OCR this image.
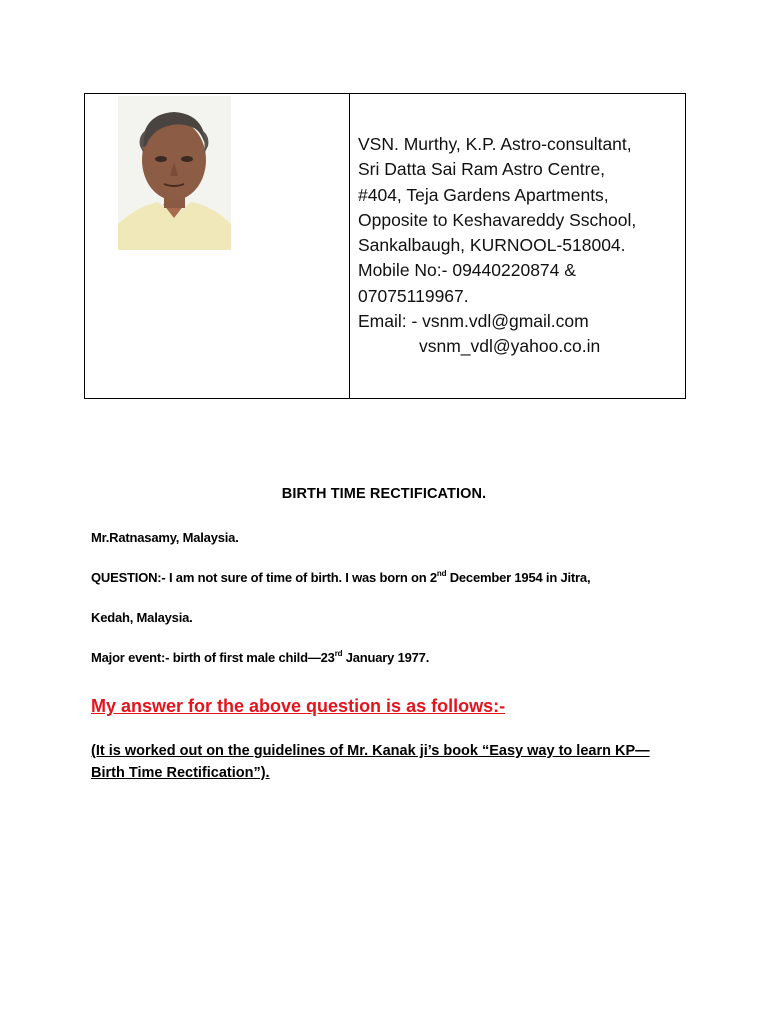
VSN. Murthy, K.P. Astro-consultant,
Sri Datta Sai Ram Astro Centre,
#404, Teja Gardens Apartments,
Opposite to Keshavareddy Sschool,
Sankalbaugh, KURNOOL-518004.
Mobile No:- 09440220874 &
07075119967.
Email: - vsnm.vdl@gmail.com
vsnm_vdl@yahoo.co.in
BIRTH TIME RECTIFICATION.
Mr.Ratnasamy, Malaysia.
QUESTION:- I am not sure of time of birth. I was born on 2nd December 1954 in Jitra,
Kedah, Malaysia.
Major event:- birth of first male child—23rd January 1977.
My answer for the above question is as follows:-
(It is worked out on the guidelines of Mr. Kanak ji’s book “Easy way to learn KP—Birth Time Rectification”).
